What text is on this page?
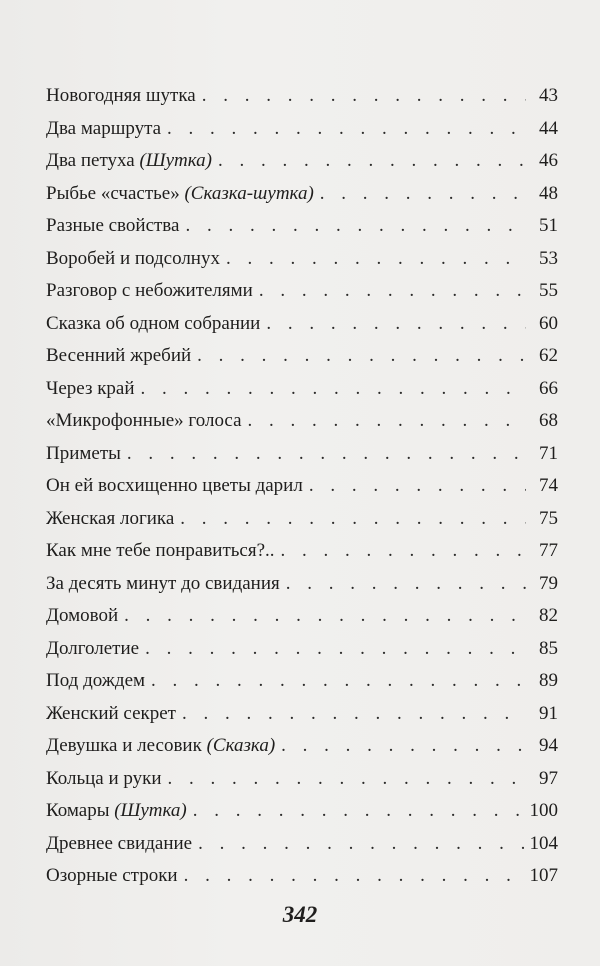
Новогодняя шутка . . .	43
Два маршрута . . .	44
Два петуха (Шутка) . . .	46
Рыбье «счастье» (Сказка-шутка) . . .	48
Разные свойства . . .	51
Воробей и подсолнух . . .	53
Разговор с небожителями . . .	55
Сказка об одном собрании . . .	60
Весенний жребий . . .	62
Через край . . .	66
«Микрофонные» голоса . . .	68
Приметы . . .	71
Он ей восхищенно цветы дарил . . .	74
Женская логика . . .	75
Как мне тебе понравиться?.. . . .	77
За десять минут до свидания . . .	79
Домовой . . .	82
Долголетие . . .	85
Под дождем . . .	89
Женский секрет . . .	91
Девушка и лесовик (Сказка) . . .	94
Кольца и руки . . .	97
Комары (Шутка) . . .	100
Древнее свидание . . .	104
Озорные строки . . .	107
342
